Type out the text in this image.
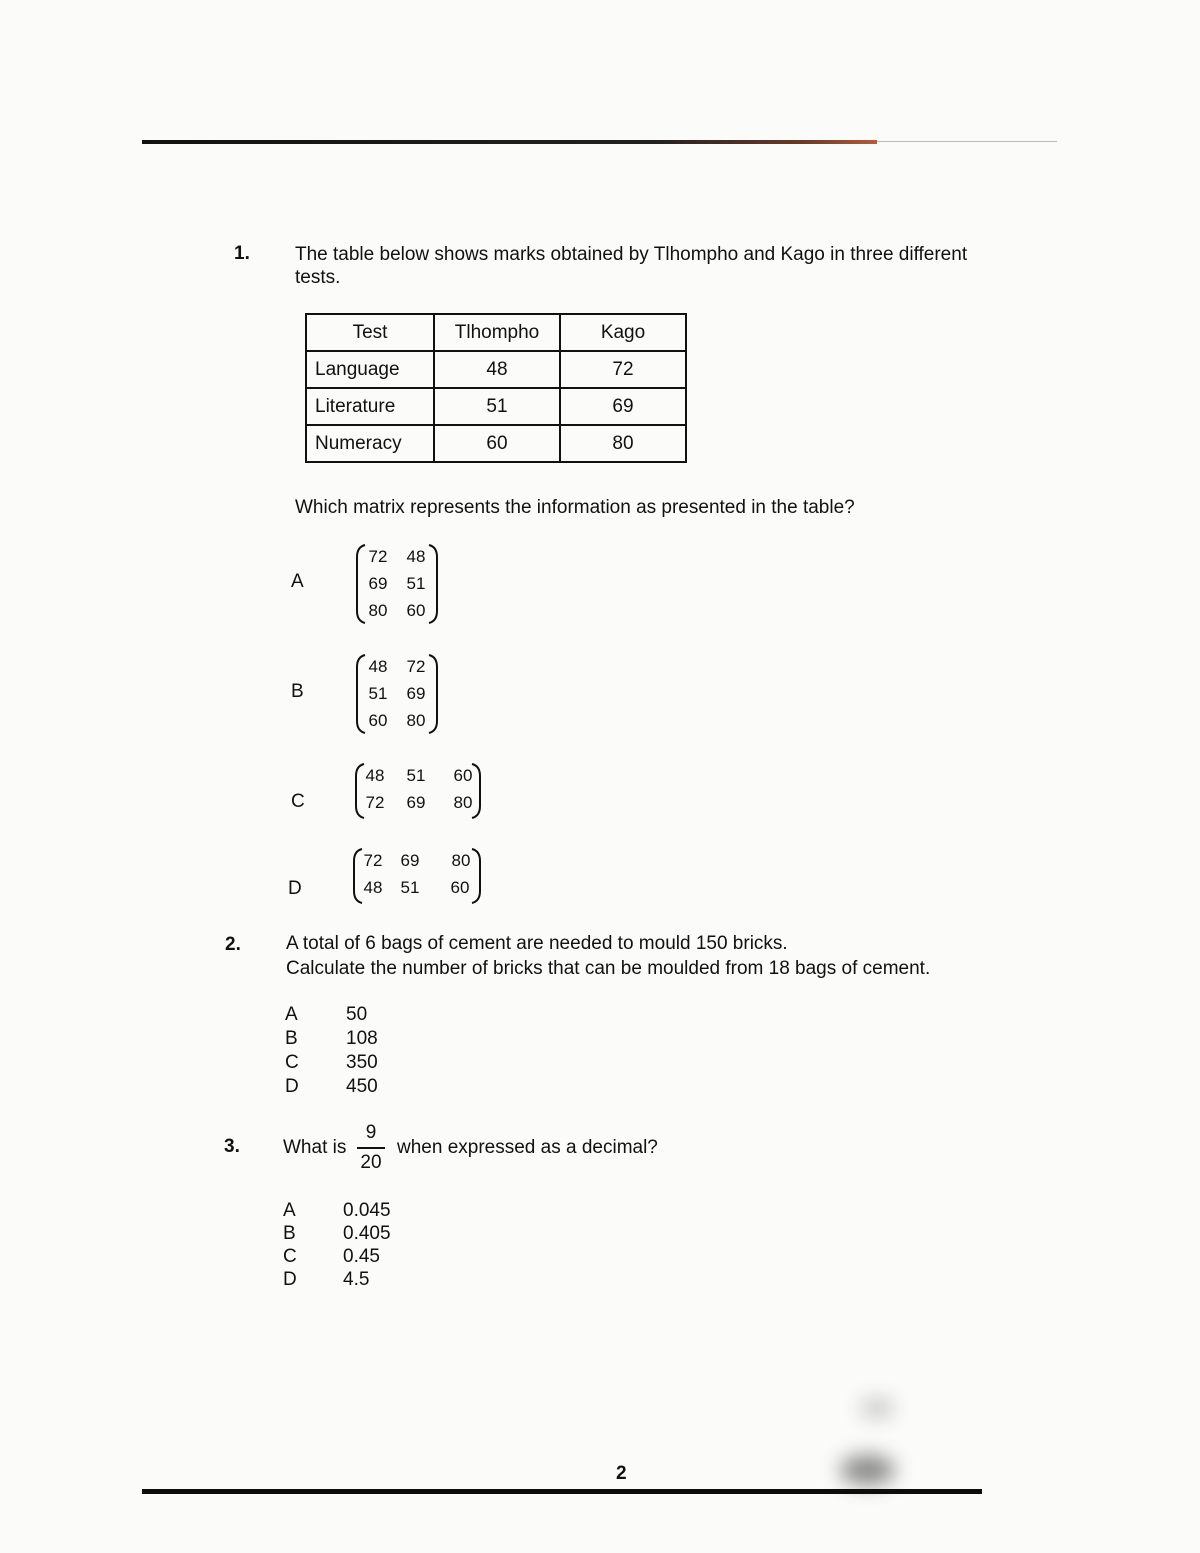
1. The table below shows marks obtained by Tlhompho and Kago in three different
tests.
Test	Tlhompho	Kago
Language	48	72
Literature	51	69
Numeracy	60	80
Which matrix represents the information as presented in the table?
A
72	48
69	51
80	60
B
48	72
51	69
60	80
C
48	51	60
72	69	80
D
72	69	80
48	51	60
2. A total of 6 bags of cement are needed to mould 150 bricks.
Calculate the number of bricks that can be moulded from 18 bags of cement.
A	50
B	108
C 350
D 450
3. What is
9
20
when expressed as a decimal?
A 0.045
B 0.405
C 0.45
D 4.5
2
